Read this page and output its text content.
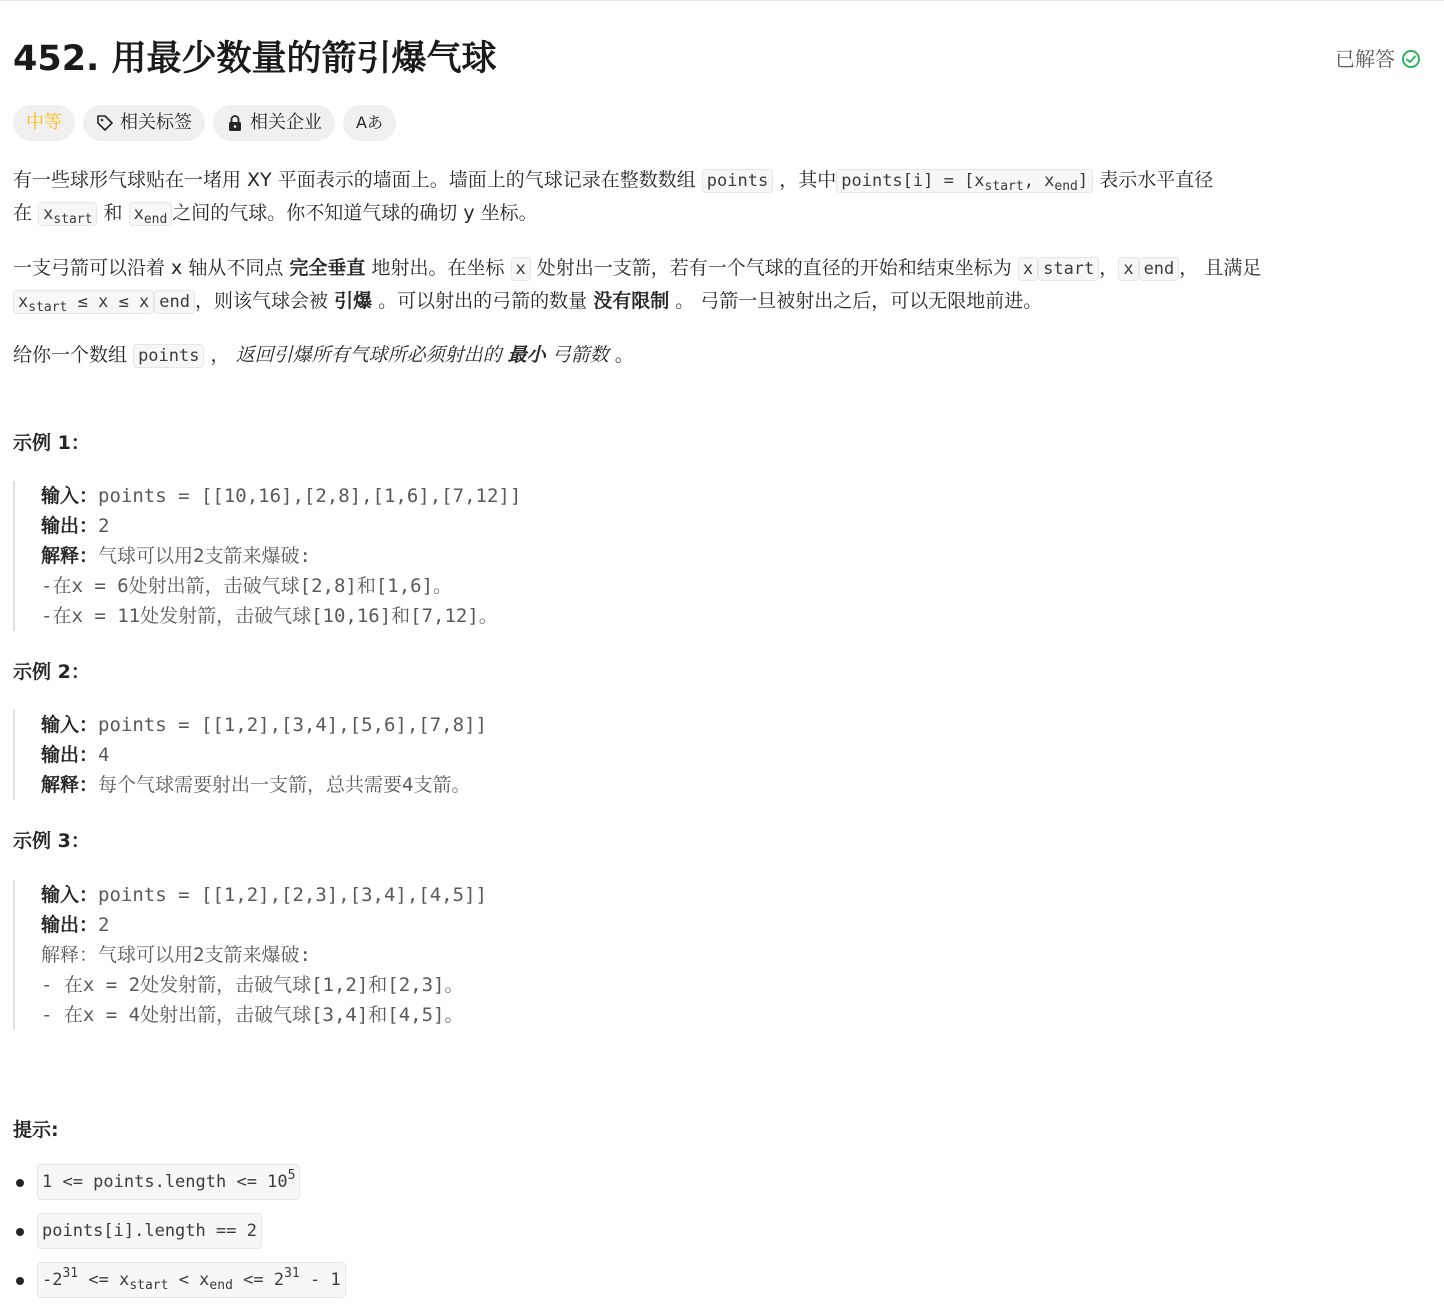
452. 用最少数量的箭引爆气球	已解答
中等	相关标签	相关企业 Aあ

有一些球形气球贴在一堵用 XY 平面表示的墙面上。墙面上的气球记录在整数数组 points ，其中 points[i] = [$x_{start}$, $x_{end}$] 表示水平直径
在 $x_{start}$ 和 $x_{end}$ 之间的气球。你不知道气球的确切 y 坐标。

一支弓箭可以沿着 x 轴从不同点 完全垂直 地射出。在坐标 x 处射出一支箭，若有一个气球的直径的开始和结束坐标为 x start ， x end ， 且满足
$x_{start} \le x \le x$ end ，则该气球会被 引爆 。可以射出的弓箭的数量 没有限制 。 弓箭一旦被射出之后，可以无限地前进。

给你一个数组 points ， 返回引爆所有气球所必须射出的 最小 弓箭数 。

示例 1：
输入：points = [[10,16],[2,8],[1,6],[7,12]]
输出：2
解释：气球可以用2支箭来爆破:
-在x = 6处射出箭，击破气球[2,8]和[1,6]。
-在x = 11处发射箭，击破气球[10,16]和[7,12]。
示例 2：
输入：points = [[1,2],[3,4],[5,6],[7,8]]
输出：4
解释：每个气球需要射出一支箭，总共需要4支箭。
示例 3：
输入：points = [[1,2],[2,3],[3,4],[4,5]]
输出：2
解释：气球可以用2支箭来爆破:
- 在x = 2处发射箭，击破气球[1,2]和[2,3]。
- 在x = 4处射出箭，击破气球[3,4]和[4,5]。
提示:
1 <= points.length <= $10^5$
points[i].length == 2
$-2^{31} <= x_{start} < x_{end} <= 2^{31} - 1$
